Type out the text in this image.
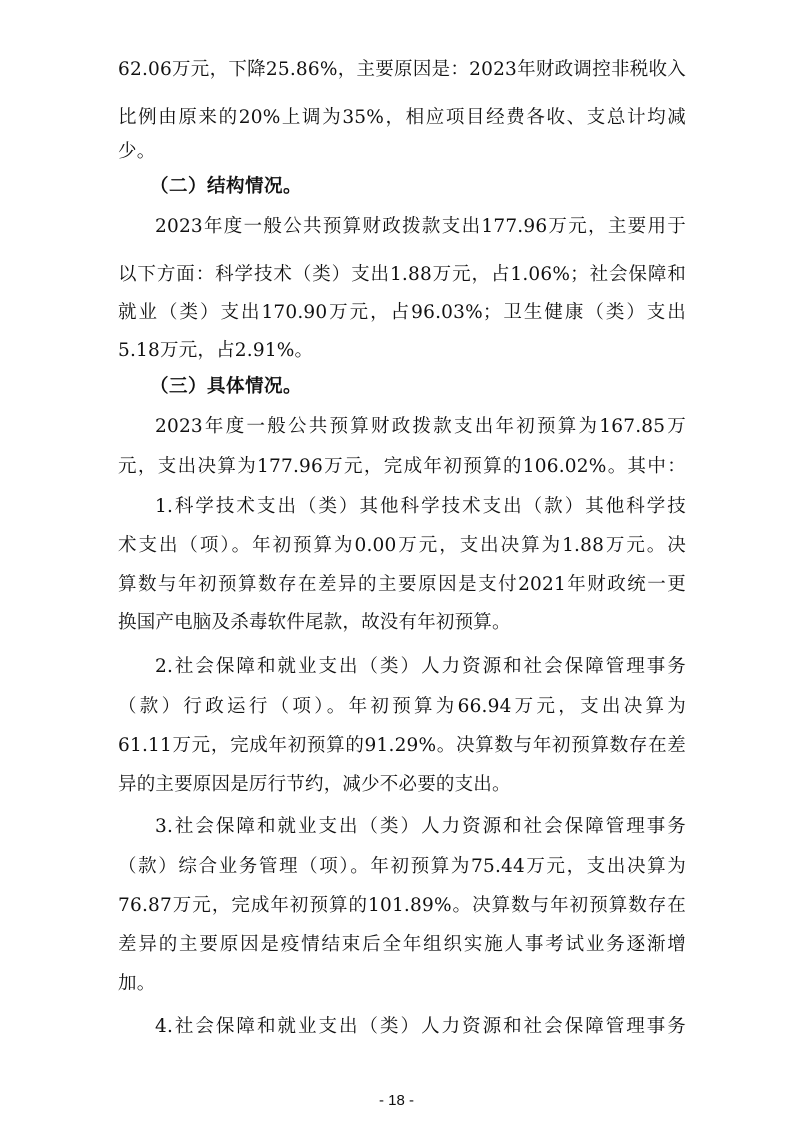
62.06万元，下降25.86%，主要原因是：2023年财政调控非税收入
比例由原来的20%上调为35%，相应项目经费各收、支总计均减
少。
（二）结构情况。
2023年度一般公共预算财政拨款支出177.96万元，主要用于
以下方面：科学技术（类）支出1.88万元，占1.06%；社会保障和
就业（类）支出170.90万元，占96.03%；卫生健康（类）支出
5.18万元，占2.91%。
（三）具体情况。
2023年度一般公共预算财政拨款支出年初预算为167.85万
元，支出决算为177.96万元，完成年初预算的106.02%。其中：
1.科学技术支出（类）其他科学技术支出（款）其他科学技
术支出（项）。年初预算为0.00万元，支出决算为1.88万元。决
算数与年初预算数存在差异的主要原因是支付2021年财政统一更
换国产电脑及杀毒软件尾款，故没有年初预算。
2.社会保障和就业支出（类）人力资源和社会保障管理事务
（款）行政运行（项）。年初预算为66.94万元，支出决算为
61.11万元，完成年初预算的91.29%。决算数与年初预算数存在差
异的主要原因是厉行节约，减少不必要的支出。
3.社会保障和就业支出（类）人力资源和社会保障管理事务
（款）综合业务管理（项）。年初预算为75.44万元，支出决算为
76.87万元，完成年初预算的101.89%。决算数与年初预算数存在
差异的主要原因是疫情结束后全年组织实施人事考试业务逐渐增
加。
4.社会保障和就业支出（类）人力资源和社会保障管理事务
- 18 -
